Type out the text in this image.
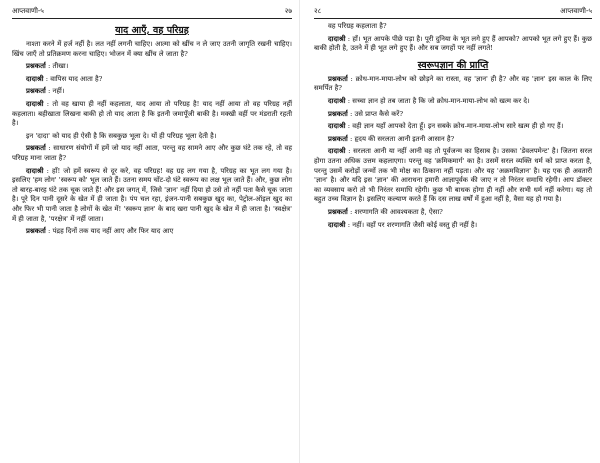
आप्तवाणी-५	२७
याद आएँ, वह परिग्रह

नाश्ता करने में हर्ज नहीं है। लत नहीं लगनी चाहिए। आत्मा को खींच न ले जाए उतनी जागृति रखनी चाहिए। खिंच जाएँ तो प्रतिक्रमण करना चाहिए। भोजन में क्या खींच ले जाता है?

प्रश्नकर्ता : तीखा।

दादाश्री : वापिस याद आता है?

प्रश्नकर्ता : नहीं।

दादाश्री : तो वह खाया ही नहीं कहलाता, याद आया तो परिग्रह है! याद नहीं आया तो वह परिग्रह नहीं कहलाता। बहीखाता लिखना बाकी हो तो याद आता है कि इतनी जमापूँजी बाकी है। मक्खी वहीं पर मंडराती रहती है।

इन 'दादा' को याद ही ऐसी है कि सबकुछ भूला दे। यों ही परिग्रह भूला देती है।

प्रश्नकर्ता : साधारण संयोगों में हमें जो याद नहीं आता, परन्तु वह सामने आए और कुछ घंटे तक रहे, तो वह परिग्रह माना जाता है?

दादाश्री : हाँ! जो हमें स्वरूप से दूर करे, वह परिग्रह! वह ग्रह लग गया है, परिग्रह का भूत लग गया है। इसलिए 'हम लोग' 'स्वरूप को' भूल जाते हैं। उतना समय चोंट-दो घंटे स्वरूप का लक्ष भूल जाते हैं। और, कुछ लोग तो बारह-बारह घंटे तक चूक जाते हैं! और इस जगत् में, जिसे 'ज्ञान' नहीं दिया हो उसे तो नहीं पता कैसे चूक जाता है। पूरे दिन पानी दूसरे के खेत में ही जाता है। पंप चल रहा, इंजन-पानी सबकुछ खुद का, पेट्रोल-ऑइल खुद का और फिर भी पानी जाता है लोगों के खेत में! 'स्वरूप ज्ञान' के बाद खरा पानी खुद के खेत में ही जाता है। 'स्वक्षेत्र' में ही जाता है, 'परक्षेत्र' में नहीं जाता।

प्रश्नकर्ता : पंद्रह दिनों तक याद नहीं आए और फिर याद आए

२८	आप्तवाणी-५

वह परिग्रह कहलाता है?

दादाश्री : हाँ। भूत आपके पीछे पड़ा है। पूरी दुनिया के भूत लगे हुए हैं आपको? आपको भूत लगे हुए हैं। कुछ बाकी होती है, उतने में ही भूत लगे हुए हैं। और सब जगहों पर नहीं लगते!

स्वरूपज्ञान की प्राप्ति

प्रश्नकर्ता : क्रोध-मान-माया-लोभ को छोड़ने का रास्ता, वह 'ज्ञान' ही है? और वह 'ज्ञान' इस काल के लिए समर्पित है?

दादाश्री : सच्चा ज्ञान हो तब जाता है कि जो क्रोध-मान-माया-लोभ को खत्म कर दे।

प्रश्नकर्ता : उसे प्राप्त कैसे करें?

दादाश्री : वही ज्ञान यहाँ आपको देता हूँ। इन सबके क्रोध-मान-माया-लोभ सारे खत्म ही हो गए हैं।

प्रश्नकर्ता : हृदय की सरलता आनी इतनी आसान है?

दादाश्री : सरलता आनी या नहीं आनी वह तो पूर्वजन्म का हिसाब है। उसका 'डेवलपमेन्ट' है। जितना सरल होगा उतना अधिक उत्तम कहलाएगा। परन्तु वह 'क्रमिकमार्ग' का है। उसमें सरल व्यक्ति धर्म को प्राप्त करता है, परन्तु उसमें करोड़ों जन्मों तक भी मोक्ष का ठिकाना नहीं पड़ता। और यह 'अक्रमविज्ञान' है। यह एक ही अवतारी 'ज्ञान' है। और यदि इस 'ज्ञान' की आराधना हमारी आज्ञापूर्वक की जाए न तो निरंतर समाधि रहेगी। आप डॉक्टर का व्यवसाय करो तो भी निरंतर समाधि रहेगी। कुछ भी बाधक होगा ही नहीं और सभी धर्म नहीं करेगा। यह तो बहुत उच्च विज्ञान है। इसलिए कल्याण करते हैं कि दस लाख वर्षों में हुआ नहीं है, वैसा यह हो गया है।

प्रश्नकर्ता : शरणागति की आवश्यकता है, ऐसा?

दादाश्री : नहीं। वहाँ पर शरणागति जैसी कोई वस्तु ही नहीं है।
